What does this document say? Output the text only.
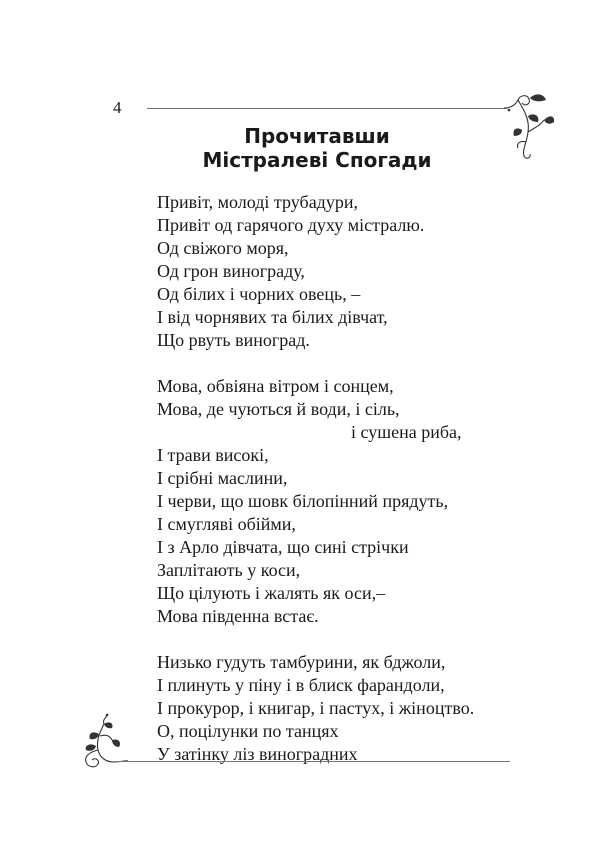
4
Прочитавши
Містралеві Спогади
Привіт, молоді трубадури,
Привіт од гарячого духу містралю.
Од свіжого моря,
Од грон винограду,
Од білих і чорних овець, –
І від чорнявих та білих дівчат,
Що рвуть виноград.
Мова, обвіяна вітром і сонцем,
Мова, де чуються й води, і сіль,
і сушена риба,
І трави високі,
І срібні маслини,
І черви, що шовк білопінний прядуть,
І смуглявi обiйми,
І з Арло дівчата, що сині стрічки
Заплітають у коси,
Що цілують і жалять як оси,–
Мова південна встає.
Низько гудуть тамбурини, як бджоли,
І плинуть у піну і в блиск фарандоли,
І прокурор, і книгар, і пастух, і жіноцтво.
О, поцілунки по танцях
У затінку ліз виноградних
